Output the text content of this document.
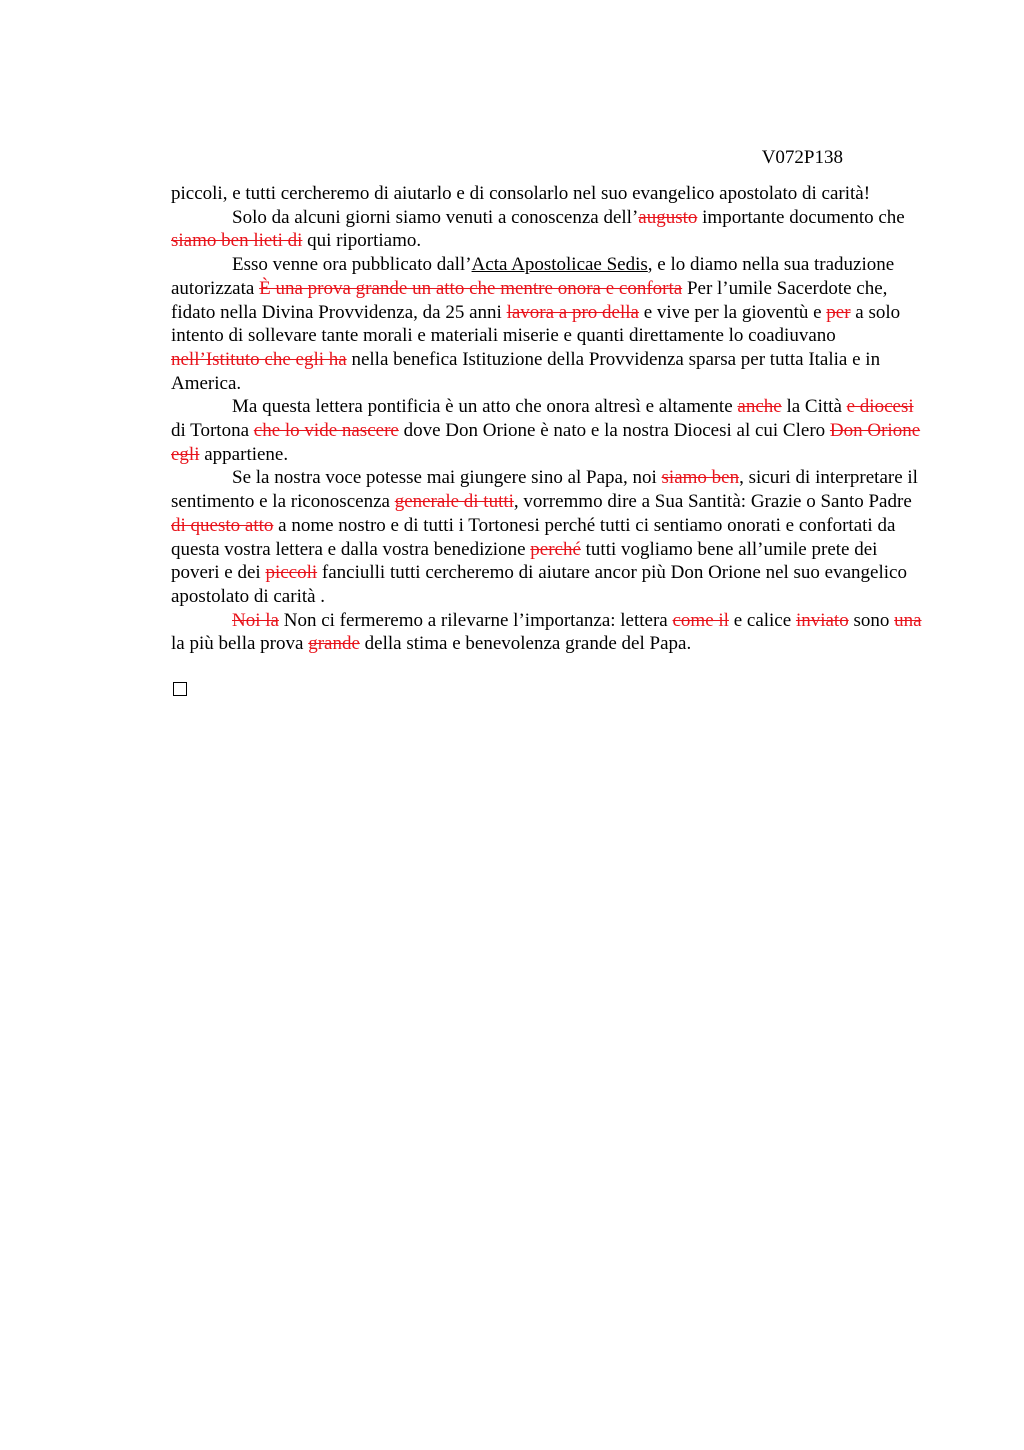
V072P138

piccoli, e tutti cercheremo di aiutarlo e di consolarlo nel suo evangelico apostolato di carità!

Solo da alcuni giorni siamo venuti a conoscenza dell’augusto importante documento che siamo ben lieti di qui riportiamo.

Esso venne ora pubblicato dall’Acta Apostolicae Sedis, e lo diamo nella sua traduzione autorizzata È una prova grande un atto che mentre onora e conforta Per l’umile Sacerdote che, fidato nella Divina Provvidenza, da 25 anni lavora a pro della e vive per la gioventù e per a solo intento di sollevare tante morali e materiali miserie e quanti direttamente lo coadiuvano nell’Istituto che egli ha nella benefica Istituzione della Provvidenza sparsa per tutta Italia e in America.

Ma questa lettera pontificia è un atto che onora altresì e altamente anche la Città e diocesi di Tortona che lo vide nascere dove Don Orione è nato e la nostra Diocesi al cui Clero Don Orione egli appartiene.

Se la nostra voce potesse mai giungere sino al Papa, noi siamo ben, sicuri di interpretare il sentimento e la riconoscenza generale di tutti, vorremmo dire a Sua Santità: Grazie o Santo Padre di questo atto a nome nostro e di tutti i Tortonesi perché tutti ci sentiamo onorati e confortati da questa vostra lettera e dalla vostra benedizione perché tutti vogliamo bene all’umile prete dei poveri e dei piccoli fanciulli tutti cercheremo di aiutare ancor più Don Orione nel suo evangelico apostolato di carità .

Noi la Non ci fermeremo a rilevarne l’importanza: lettera come il e calice inviato sono una la più bella prova grande della stima e benevolenza grande del Papa.
